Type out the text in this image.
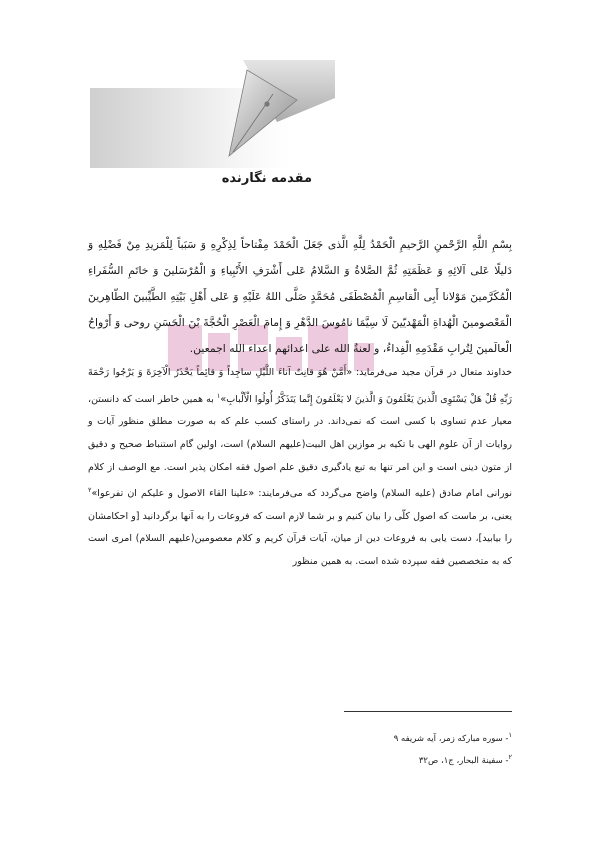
مقدمه نگارنده

بِسْمِ اللَّهِ الرَّحْمنِ الرَّحیمِ الْحَمْدُ لِلَّهِ الَّذی جَعَلَ الْحَمْدَ مِفْتاحاً لِذِکْرِهِ وَ سَبَباً لِلْمَزیدِ مِنْ فَضْلِهِ وَ دَلیلًا عَلی آلائِهِ وَ عَظَمَتِهِ ثُمَّ الصَّلاةُ وَ السَّلامُ عَلی أَشْرَفِ الأَنْبِیاءِ وَ الْمُرْسَلینَ وَ خاتَمِ السُّفَراءِ الْمُکَرَّمینَ مَوْلانا أَبِی الْقاسِمِ الْمُصْطَفَی مُحَمَّدٍ صَلَّی اللهُ عَلَیْهِ وَ عَلی أَهْلِ بَیْتِهِ الطَّیِّبینَ الطّاهِرینَ الْمَعْصومینَ الْهُداةِ الْمَهْدیّینَ لَا سِیَّمَا نامُوسَ الدَّهْرِ وَ إِمامَ الْعَصْرِ الْحُجَّةَ بْنَ الْحَسَنِ روحی وَ أَرْواحُ الْعالَمینَ لِتُرابِ مَقْدَمِهِ الْفِداءُ، و لعنةُ الله علی اعدائهم اعداء الله اجمعین.

خداوند متعال در قرآن مجید می‌فرماید: «أَمَّنْ هُوَ قانِتٌ آناءَ اللَّیْلِ ساجِداً وَ قائِماً یَحْذَرُ الْآخِرَةَ وَ یَرْجُوا رَحْمَةَ رَبِّهِ قُلْ هَلْ یَسْتَوِی الَّذینَ یَعْلَمُونَ وَ الَّذینَ لا یَعْلَمُونَ إِنَّما یَتَذَکَّرُ أُولُوا الْأَلْبابِ»$^١$ به همین خاطر است که دانستن، معیار عدم تساوی با کسی است که نمی‌داند. در راستای کسب علم که به صورت مطلق منظور آیات و روایات از آن علوم الهی با تکیه بر موازین اهل البیت(علیهم السلام) است، اولین گام استنباط صحیح و دقیق از متون دینی است و این امر تنها به تبع یادگیری دقیق علم اصول فقه امکان پذیر است. مع الوصف از کلام نورانی امام صادق (علیه السلام) واضح می‌گردد که می‌فرمایند: «علینا القاء الاصول و علیکم ان تفرعوا»$^٢$ یعنی، بر ماست که اصول کلّی را بیان کنیم و بر شما لازم است که فروعات را به آنها برگردانید [و احکامشان را بیابید]، دست یابی به فروعات دین از میان، آیات قرآن کریم و کلام معصومین(علیهم السلام) امری است که به متخصصین فقه سپرده شده است. به همین منظور

$^١$- سوره مبارکه زمر، آیه شریفه ۹

$^٢$- سفینة البحار، ج۱، ص۳۲
